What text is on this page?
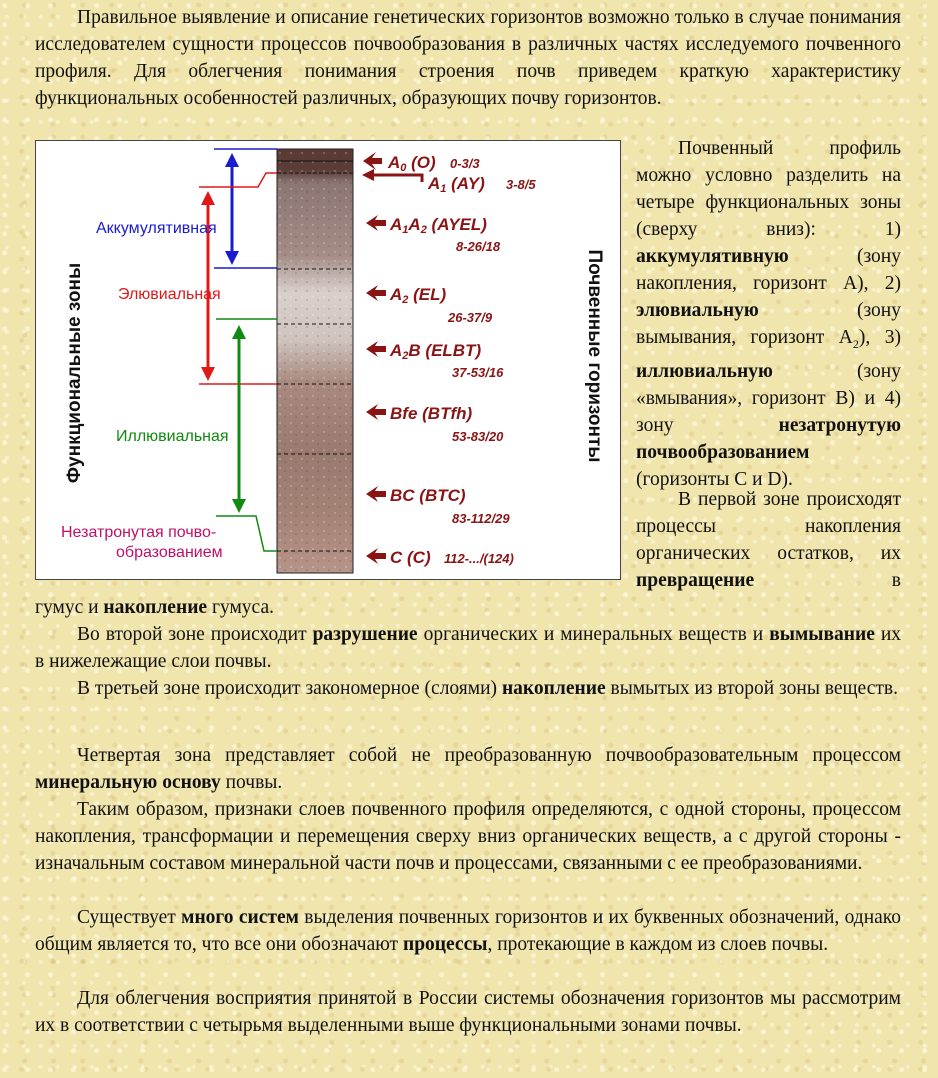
Правильное выявление и описание генетических горизонтов возможно только в случае понимания исследователем сущности процессов почвообразования в различных частях исследуемого почвенного профиля. Для облегчения понимания строения почв приведем краткую характеристику функциональных особенностей различных, образующих почву горизонтов.

Функциональные зоны
Аккумулятивная
Элювиальная
Иллювиальная
Незатронутая почво-
образованием
A0 (O) 0-3/3
A1 (AY) 3-8/5
A1A2 (AYEL)
8-26/18
A2 (EL)
26-37/9
A2B (ELBT)
37-53/16
Bfe (BTfh)
53-83/20
BC (BTC)
83-112/29
C (C) 112-.../(124)
Почвенные горизонты

Почвенный профиль можно условно разделить на четыре функциональных зоны (сверху вниз): 1) аккумулятивную	(зону накопления, горизонт А), 2) элювиальную	(зону вымывания, горизонт $А_2$), 3) иллювиальную	(зону «вмывания», горизонт В) и 4) зону	незатронутую почвообразованием (горизонты С и D).

В первой зоне происходят процессы накопления органических остатков, их превращение	в

гумус и накопление гумуса.

Во второй зоне происходит разрушение органических и минеральных веществ и вымывание их в нижележащие слои почвы.

В третьей зоне происходит закономерное (слоями) накопление вымытых из второй зоны веществ.

Четвертая зона представляет собой не преобразованную почвообразовательным процессом минеральную основу почвы.

Таким образом, признаки слоев почвенного профиля определяются, с одной стороны, процессом накопления, трансформации и перемещения сверху вниз органических веществ, а с другой стороны - изначальным составом минеральной части почв и процессами, связанными с ее преобразованиями.

Существует много систем выделения почвенных горизонтов и их буквенных обозначений, однако общим является то, что все они обозначают процессы, протекающие в каждом из слоев почвы.

Для облегчения восприятия принятой в России системы обозначения горизонтов мы рассмотрим их в соответствии с четырьмя выделенными выше функциональными зонами почвы.
